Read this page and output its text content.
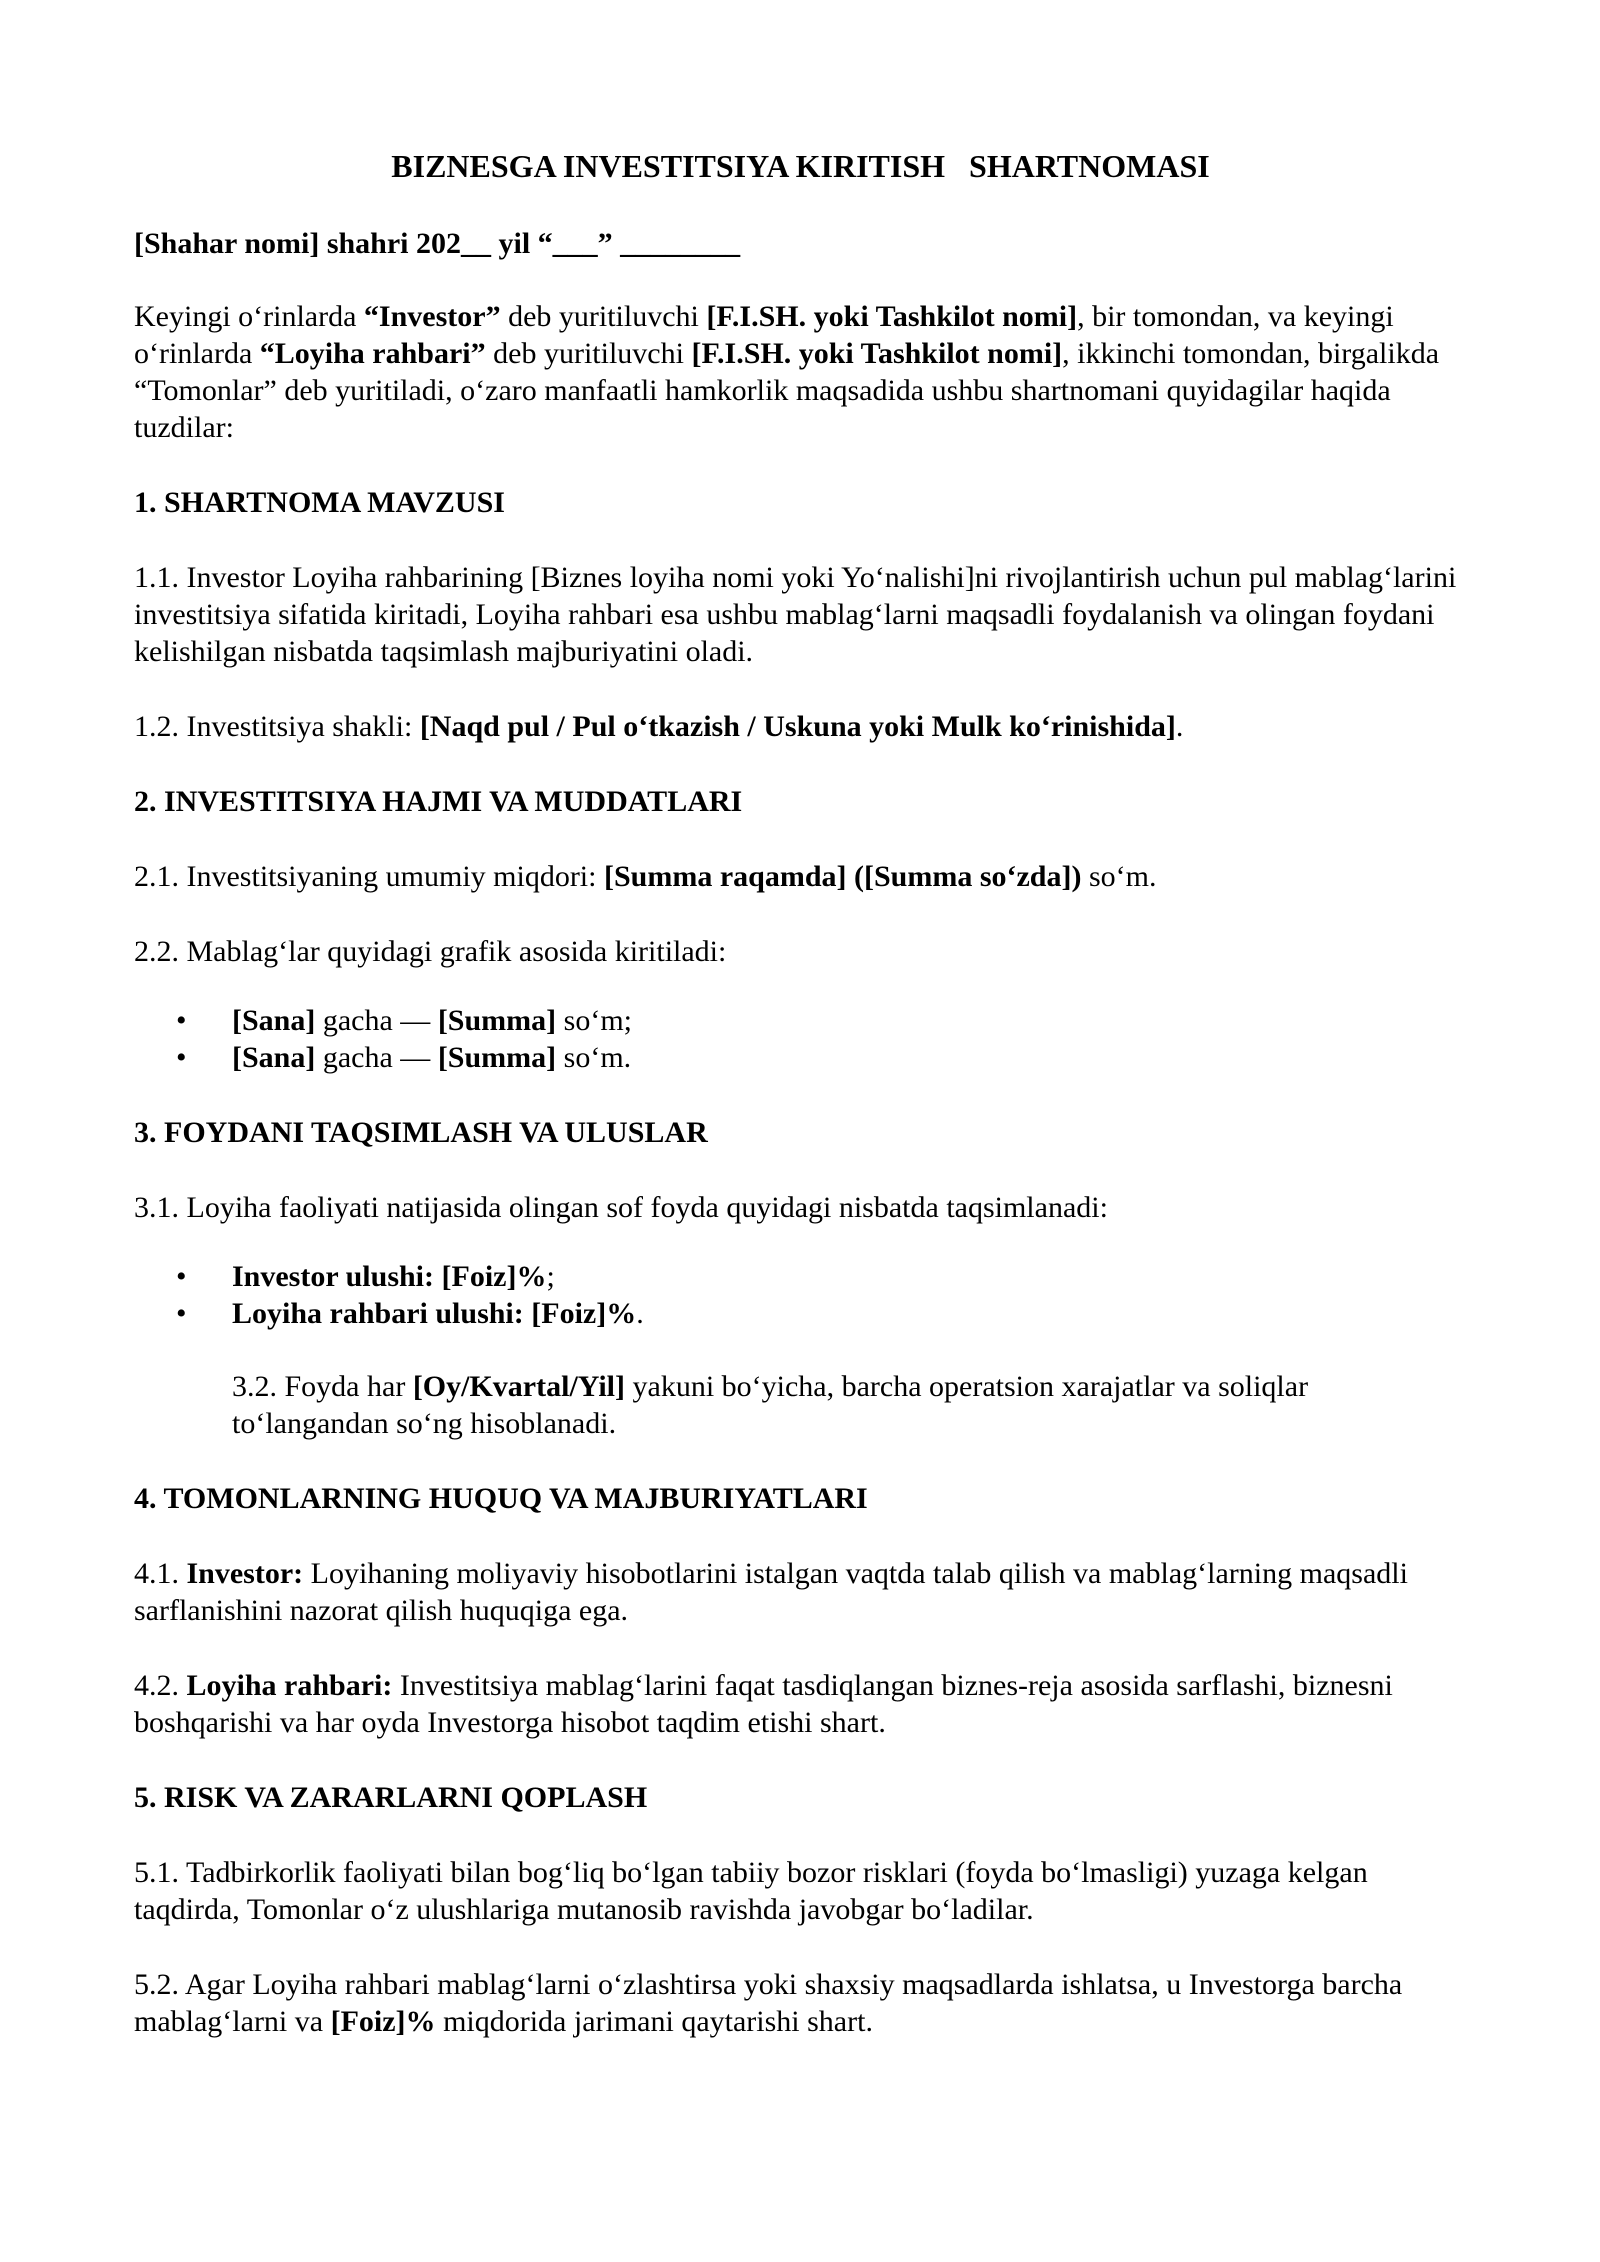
BIZNESGA INVESTITSIYA KIRITISH   SHARTNOMASI
[Shahar nomi] shahri 202__ yil “___” ________
Keyingi o‘rinlarda “Investor” deb yuritiluvchi [F.I.SH. yoki Tashkilot nomi], bir tomondan, va keyingi o‘rinlarda “Loyiha rahbari” deb yuritiluvchi [F.I.SH. yoki Tashkilot nomi], ikkinchi tomondan, birgalikda “Tomonlar” deb yuritiladi, o‘zaro manfaatli hamkorlik maqsadida ushbu shartnomani quyidagilar haqida tuzdilar:
1. SHARTNOMA MAVZUSI
1.1. Investor Loyiha rahbarining [Biznes loyiha nomi yoki Yo‘nalishi]ni rivojlantirish uchun pul mablag‘larini investitsiya sifatida kiritadi, Loyiha rahbari esa ushbu mablag‘larni maqsadli foydalanish va olingan foydani kelishilgan nisbatda taqsimlash majburiyatini oladi.
1.2. Investitsiya shakli: [Naqd pul / Pul o‘tkazish / Uskuna yoki Mulk ko‘rinishida].
2. INVESTITSIYA HAJMI VA MUDDATLARI
2.1. Investitsiyaning umumiy miqdori: [Summa raqamda] ([Summa so‘zda]) so‘m.
2.2. Mablag‘lar quyidagi grafik asosida kiritiladi:
• [Sana] gacha — [Summa] so‘m;
• [Sana] gacha — [Summa] so‘m.
3. FOYDANI TAQSIMLASH VA ULUSLAR
3.1. Loyiha faoliyati natijasida olingan sof foyda quyidagi nisbatda taqsimlanadi:
• Investor ulushi: [Foiz]%;
• Loyiha rahbari ulushi: [Foiz]%.
3.2. Foyda har [Oy/Kvartal/Yil] yakuni bo‘yicha, barcha operatsion xarajatlar va soliqlar to‘langandan so‘ng hisoblanadi.
4. TOMONLARNING HUQUQ VA MAJBURIYATLARI
4.1. Investor: Loyihaning moliyaviy hisobotlarini istalgan vaqtda talab qilish va mablag‘larning maqsadli sarflanishini nazorat qilish huquqiga ega.
4.2. Loyiha rahbari: Investitsiya mablag‘larini faqat tasdiqlangan biznes-reja asosida sarflashi, biznesni boshqarishi va har oyda Investorga hisobot taqdim etishi shart.
5. RISK VA ZARARLARNI QOPLASH
5.1. Tadbirkorlik faoliyati bilan bog‘liq bo‘lgan tabiiy bozor risklari (foyda bo‘lmasligi) yuzaga kelgan taqdirda, Tomonlar o‘z ulushlariga mutanosib ravishda javobgar bo‘ladilar.
5.2. Agar Loyiha rahbari mablag‘larni o‘zlashtirsa yoki shaxsiy maqsadlarda ishlatsa, u Investorga barcha mablag‘larni va [Foiz]% miqdorida jarimani qaytarishi shart.
